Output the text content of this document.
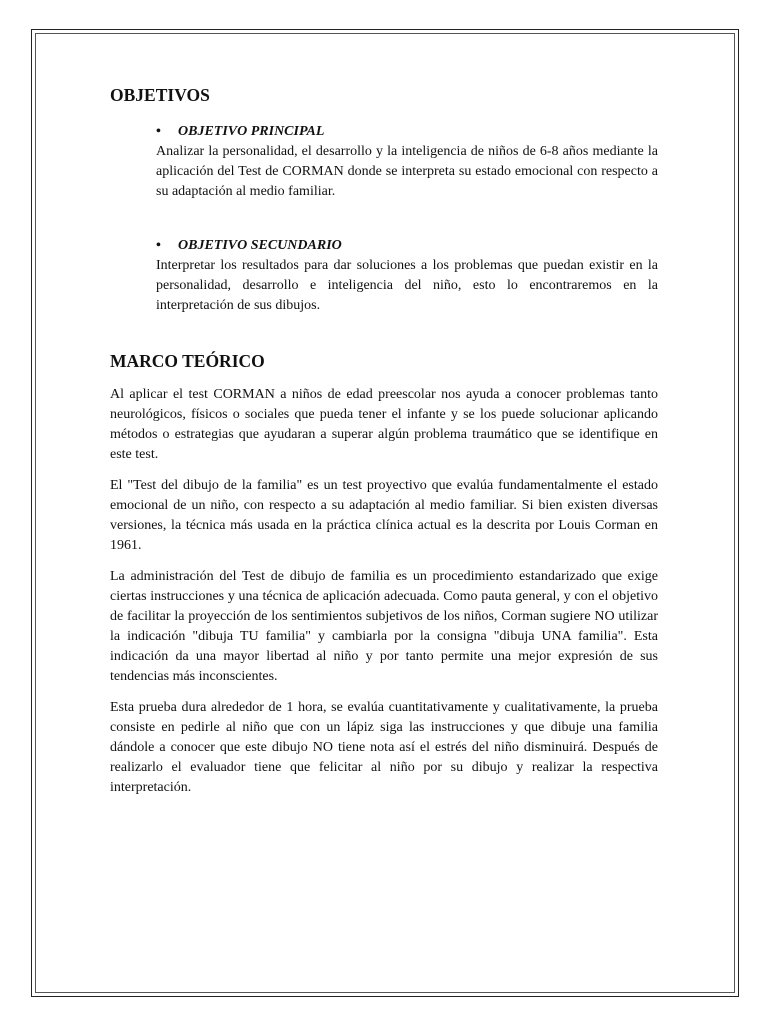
OBJETIVOS
• OBJETIVO PRINCIPAL

Analizar la personalidad, el desarrollo y la inteligencia de niños de 6-8 años mediante la aplicación del Test de CORMAN donde se interpreta su estado emocional con respecto a su adaptación al medio familiar.

• OBJETIVO SECUNDARIO

Interpretar los resultados para dar soluciones a los problemas que puedan existir en la personalidad, desarrollo e inteligencia del niño, esto lo encontraremos en la interpretación de sus dibujos.

MARCO TEÓRICO

Al aplicar el test CORMAN a niños de edad preescolar nos ayuda a conocer problemas tanto neurológicos, físicos o sociales que pueda tener el infante y se los puede solucionar aplicando métodos o estrategias que ayudaran a superar algún problema traumático que se identifique en este test.

El "Test del dibujo de la familia" es un test proyectivo que evalúa fundamentalmente el estado emocional de un niño, con respecto a su adaptación al medio familiar. Si bien existen diversas versiones, la técnica más usada en la práctica clínica actual es la descrita por Louis Corman en 1961.

La administración del Test de dibujo de familia es un procedimiento estandarizado que exige ciertas instrucciones y una técnica de aplicación adecuada. Como pauta general, y con el objetivo de facilitar la proyección de los sentimientos subjetivos de los niños, Corman sugiere NO utilizar la indicación "dibuja TU familia" y cambiarla por la consigna "dibuja UNA familia". Esta indicación da una mayor libertad al niño y por tanto permite una mejor expresión de sus tendencias más inconscientes.

Esta prueba dura alrededor de 1 hora, se evalúa cuantitativamente y cualitativamente, la prueba consiste en pedirle al niño que con un lápiz siga las instrucciones y que dibuje una familia dándole a conocer que este dibujo NO tiene nota así el estrés del niño disminuirá. Después de realizarlo el evaluador tiene que felicitar al niño por su dibujo y realizar la respectiva interpretación.
